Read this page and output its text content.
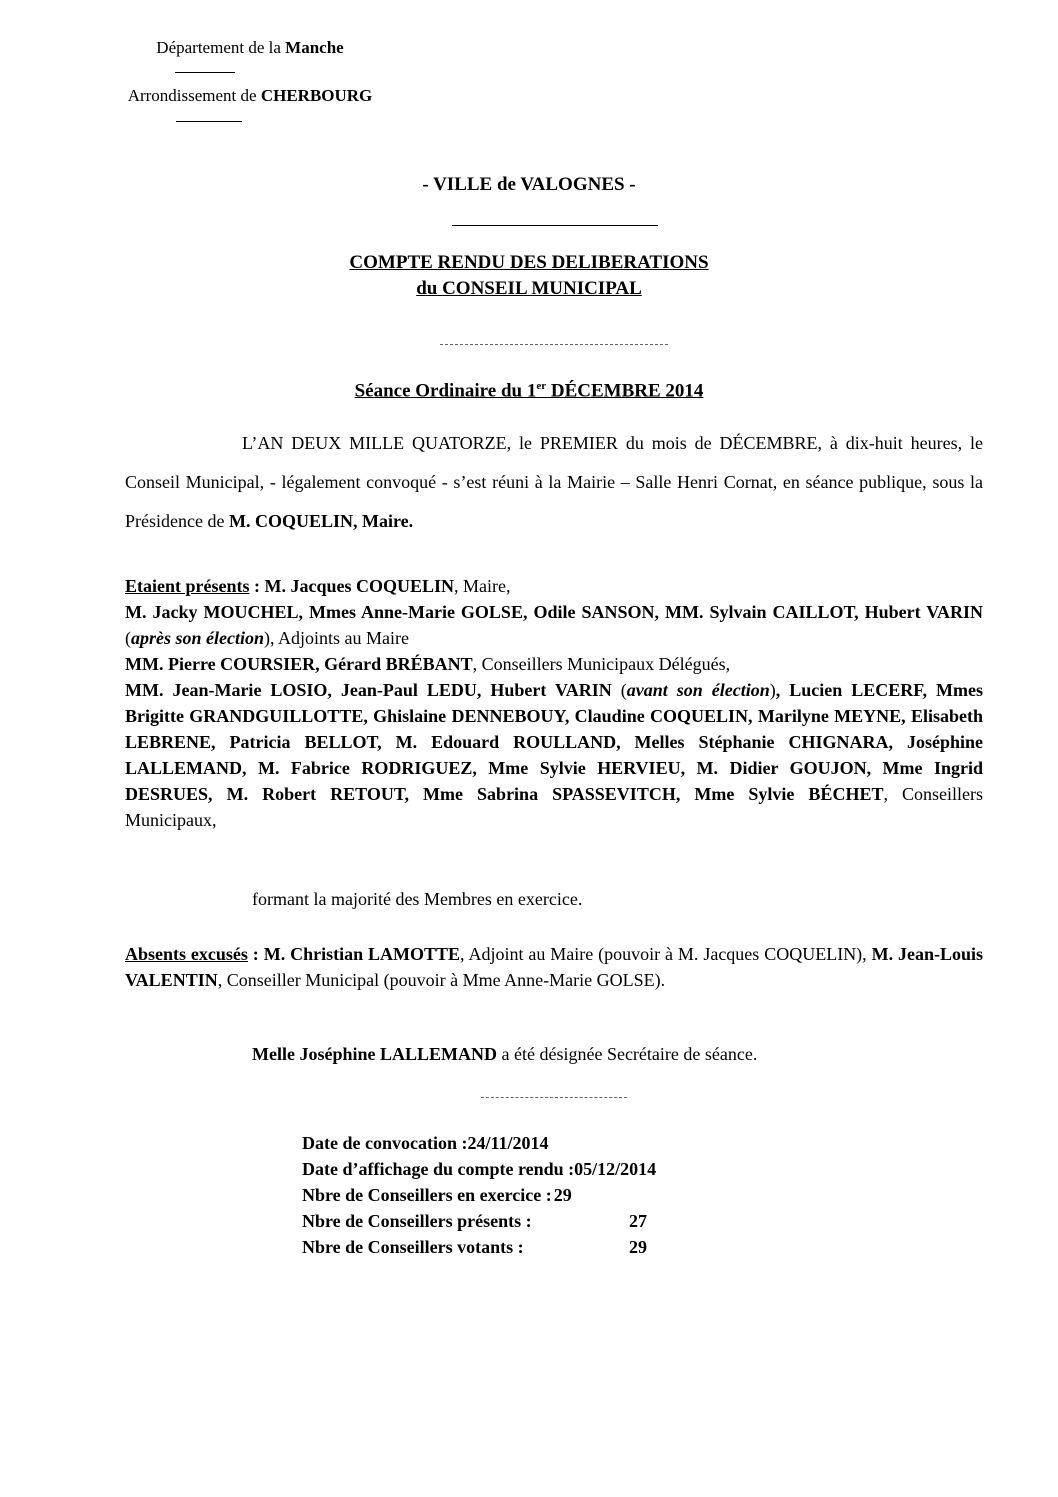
Département de la Manche
Arrondissement de CHERBOURG
- VILLE de VALOGNES -
COMPTE RENDU DES DELIBERATIONS
du CONSEIL MUNICIPAL
Séance Ordinaire du 1er DÉCEMBRE 2014
L’AN DEUX MILLE QUATORZE, le PREMIER du mois de DÉCEMBRE, à dix-huit heures, le Conseil Municipal, - légalement convoqué - s’est réuni à la Mairie – Salle Henri Cornat, en séance publique, sous la Présidence de M. COQUELIN, Maire.
Etaient présents : M. Jacques COQUELIN, Maire,
M. Jacky MOUCHEL, Mmes Anne-Marie GOLSE, Odile SANSON, MM. Sylvain CAILLOT, Hubert VARIN (après son élection), Adjoints au Maire
MM. Pierre COURSIER, Gérard BRÉBANT, Conseillers Municipaux Délégués,
MM. Jean-Marie LOSIO, Jean-Paul LEDU, Hubert VARIN (avant son élection), Lucien LECERF, Mmes Brigitte GRANDGUILLOTTE, Ghislaine DENNEBOUY, Claudine COQUELIN, Marilyne MEYNE, Elisabeth LEBRENE, Patricia BELLOT, M. Edouard ROULLAND, Melles Stéphanie CHIGNARA, Joséphine LALLEMAND, M. Fabrice RODRIGUEZ, Mme Sylvie HERVIEU, M. Didier GOUJON, Mme Ingrid DESRUES, M. Robert RETOUT, Mme Sabrina SPASSEVITCH, Mme Sylvie BÉCHET, Conseillers Municipaux,
formant la majorité des Membres en exercice.
Absents excusés : M. Christian LAMOTTE, Adjoint au Maire (pouvoir à M. Jacques COQUELIN), M. Jean-Louis VALENTIN, Conseiller Municipal (pouvoir à Mme Anne-Marie GOLSE).
Melle Joséphine LALLEMAND a été désignée Secrétaire de séance.
Date de convocation :24/11/2014
Date d’affichage du compte rendu :05/12/2014
Nbre de Conseillers en exercice :29
Nbre de Conseillers présents :	27
Nbre de Conseillers votants :	29
